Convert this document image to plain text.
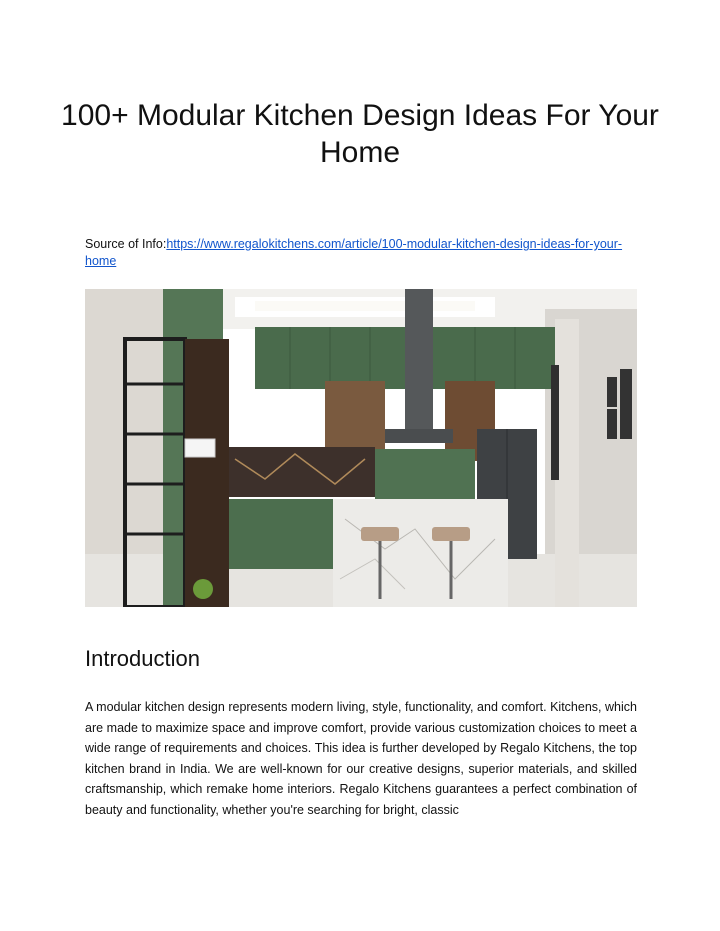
100+ Modular Kitchen Design Ideas For Your Home
Source of Info:https://www.regalokitchens.com/article/100-modular-kitchen-design-ideas-for-your-home
Introduction

A modular kitchen design represents modern living, style, functionality, and comfort. Kitchens, which are made to maximize space and improve comfort, provide various customization choices to meet a wide range of requirements and choices. This idea is further developed by Regalo Kitchens, the top kitchen brand in India. We are well-known for our creative designs, superior materials, and skilled craftsmanship, which remake home interiors. Regalo Kitchens guarantees a perfect combination of beauty and functionality, whether you're searching for bright, classic
